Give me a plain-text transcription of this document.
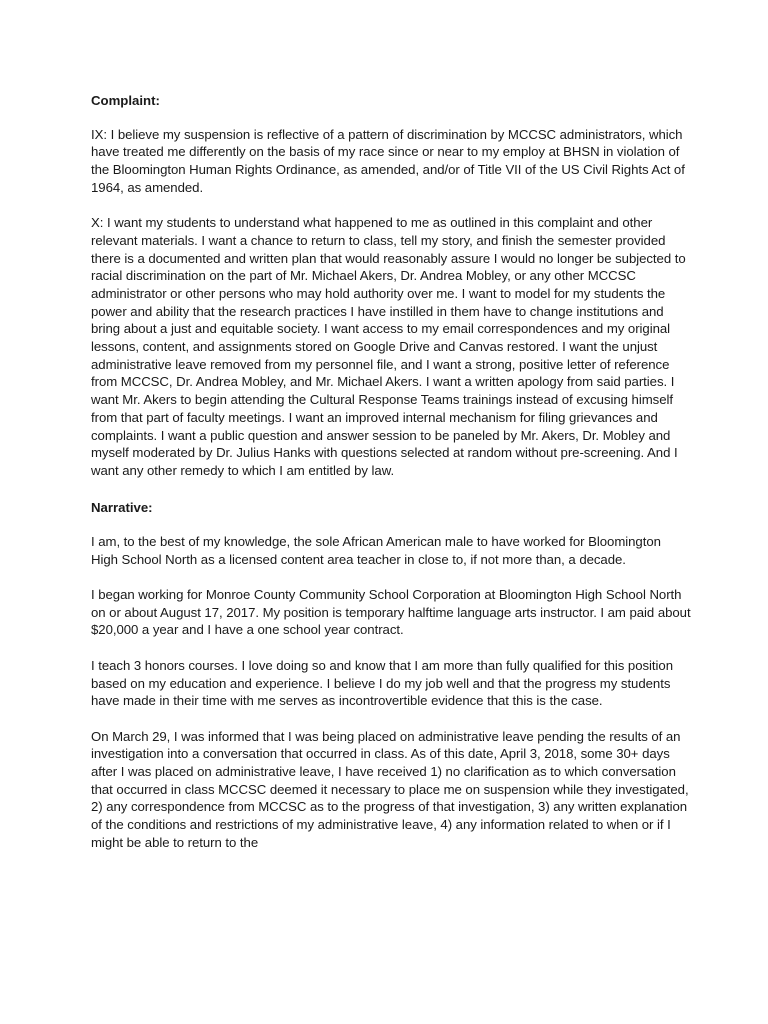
Complaint:

IX: I believe my suspension is reflective of a pattern of discrimination by MCCSC administrators, which have treated me differently on the basis of my race since or near to my employ at BHSN in violation of the Bloomington Human Rights Ordinance, as amended, and/or of Title VII of the US Civil Rights Act of 1964, as amended.

X: I want my students to understand what happened to me as outlined in this complaint and other relevant materials. I want a chance to return to class, tell my story, and finish the semester provided there is a documented and written plan that would reasonably assure I would no longer be subjected to racial discrimination on the part of Mr. Michael Akers, Dr. Andrea Mobley, or any other MCCSC administrator or other persons who may hold authority over me. I want to model for my students the power and ability that the research practices I have instilled in them have to change institutions and bring about a just and equitable society. I want access to my email correspondences and my original lessons, content, and assignments stored on Google Drive and Canvas restored. I want the unjust administrative leave removed from my personnel file, and I want a strong, positive letter of reference from MCCSC, Dr. Andrea Mobley, and Mr. Michael Akers. I want a written apology from said parties. I want Mr. Akers to begin attending the Cultural Response Teams trainings instead of excusing himself from that part of faculty meetings. I want an improved internal mechanism for filing grievances and complaints. I want a public question and answer session to be paneled by Mr. Akers, Dr. Mobley and myself moderated by Dr. Julius Hanks with questions selected at random without pre-screening. And I want any other remedy to which I am entitled by law.

Narrative:

I am, to the best of my knowledge, the sole African American male to have worked for Bloomington High School North as a licensed content area teacher in close to, if not more than, a decade.

I began working for Monroe County Community School Corporation at Bloomington High School North on or about August 17, 2017. My position is temporary halftime language arts instructor. I am paid about $20,000 a year and I have a one school year contract.

I teach 3 honors courses. I love doing so and know that I am more than fully qualified for this position based on my education and experience. I believe I do my job well and that the progress my students have made in their time with me serves as incontrovertible evidence that this is the case.

On March 29, I was informed that I was being placed on administrative leave pending the results of an investigation into a conversation that occurred in class. As of this date, April 3, 2018, some 30+ days after I was placed on administrative leave, I have received 1) no clarification as to which conversation that occurred in class MCCSC deemed it necessary to place me on suspension while they investigated, 2) any correspondence from MCCSC as to the progress of that investigation, 3) any written explanation of the conditions and restrictions of my administrative leave, 4) any information related to when or if I might be able to return to the
